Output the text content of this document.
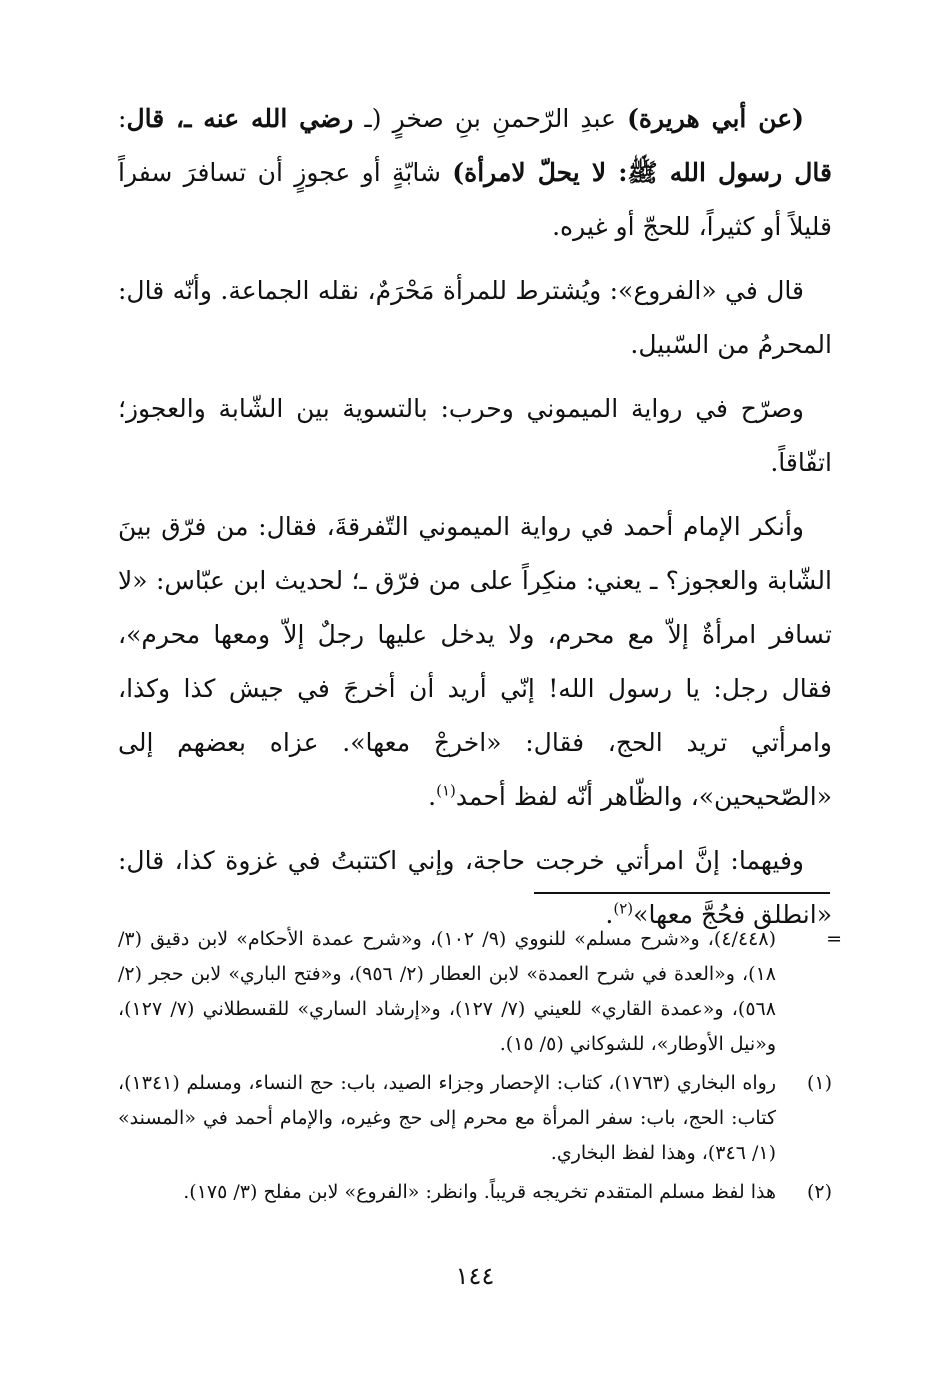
(عن أبي هريرة) عبدِ الرّحمنِ بنِ صخرٍ (ـ رضي الله عنه ـ، قال: قال رسول الله ﷺ: لا يحلّ لامرأة) شابّةٍ أو عجوزٍ أن تسافرَ سفراً قليلاً أو كثيراً، للحجّ أو غيره.

قال في «الفروع»: ويُشترط للمرأة مَحْرَمٌ، نقله الجماعة. وأنّه قال: المحرمُ من السّبيل.

وصرّح في رواية الميموني وحرب: بالتسوية بين الشّابة والعجوز؛ اتفّاقاً.

وأنكر الإمام أحمد في رواية الميموني التّفرقةَ، فقال: من فرّق بينَ الشّابة والعجوز؟ ـ يعني: منكِراً على من فرّق ـ؛ لحديث ابن عبّاس: «لا تسافر امرأةٌ إلاّ مع محرم، ولا يدخل عليها رجلٌ إلاّ ومعها محرم»، فقال رجل: يا رسول الله! إنّي أريد أن أخرجَ في جيش كذا وكذا، وامرأتي تريد الحج، فقال: «اخرجْ معها». عزاه بعضهم إلى «الصّحيحين»، والظّاهر أنّه لفظ أحمد$^{(١)}$.

وفيهما: إنَّ امرأتي خرجت حاجة، وإني اكتتبتُ في غزوة كذا، قال: «انطلق فحُجَّ معها»$^{(٢)}$.

=
(٤/٤٤٨)، و«شرح مسلم» للنووي (٩/ ١٠٢)، و«شرح عمدة الأحكام» لابن دقيق (٣/ ١٨)، و«العدة في شرح العمدة» لابن العطار (٢/ ٩٥٦)، و«فتح الباري» لابن حجر (٢/ ٥٦٨)، و«عمدة القاري» للعيني (٧/ ١٢٧)، و«إرشاد الساري» للقسطلاني (٧/ ١٢٧)، و«نيل الأوطار»، للشوكاني (٥/ ١٥).
(١)
رواه البخاري (١٧٦٣)، كتاب: الإحصار وجزاء الصيد، باب: حج النساء، ومسلم (١٣٤١)، كتاب: الحج، باب: سفر المرأة مع محرم إلى حج وغيره، والإمام أحمد في «المسند» (١/ ٣٤٦)، وهذا لفظ البخاري.
(٢)
هذا لفظ مسلم المتقدم تخريجه قريباً. وانظر: «الفروع» لابن مفلح (٣/ ١٧٥).
١٤٤
